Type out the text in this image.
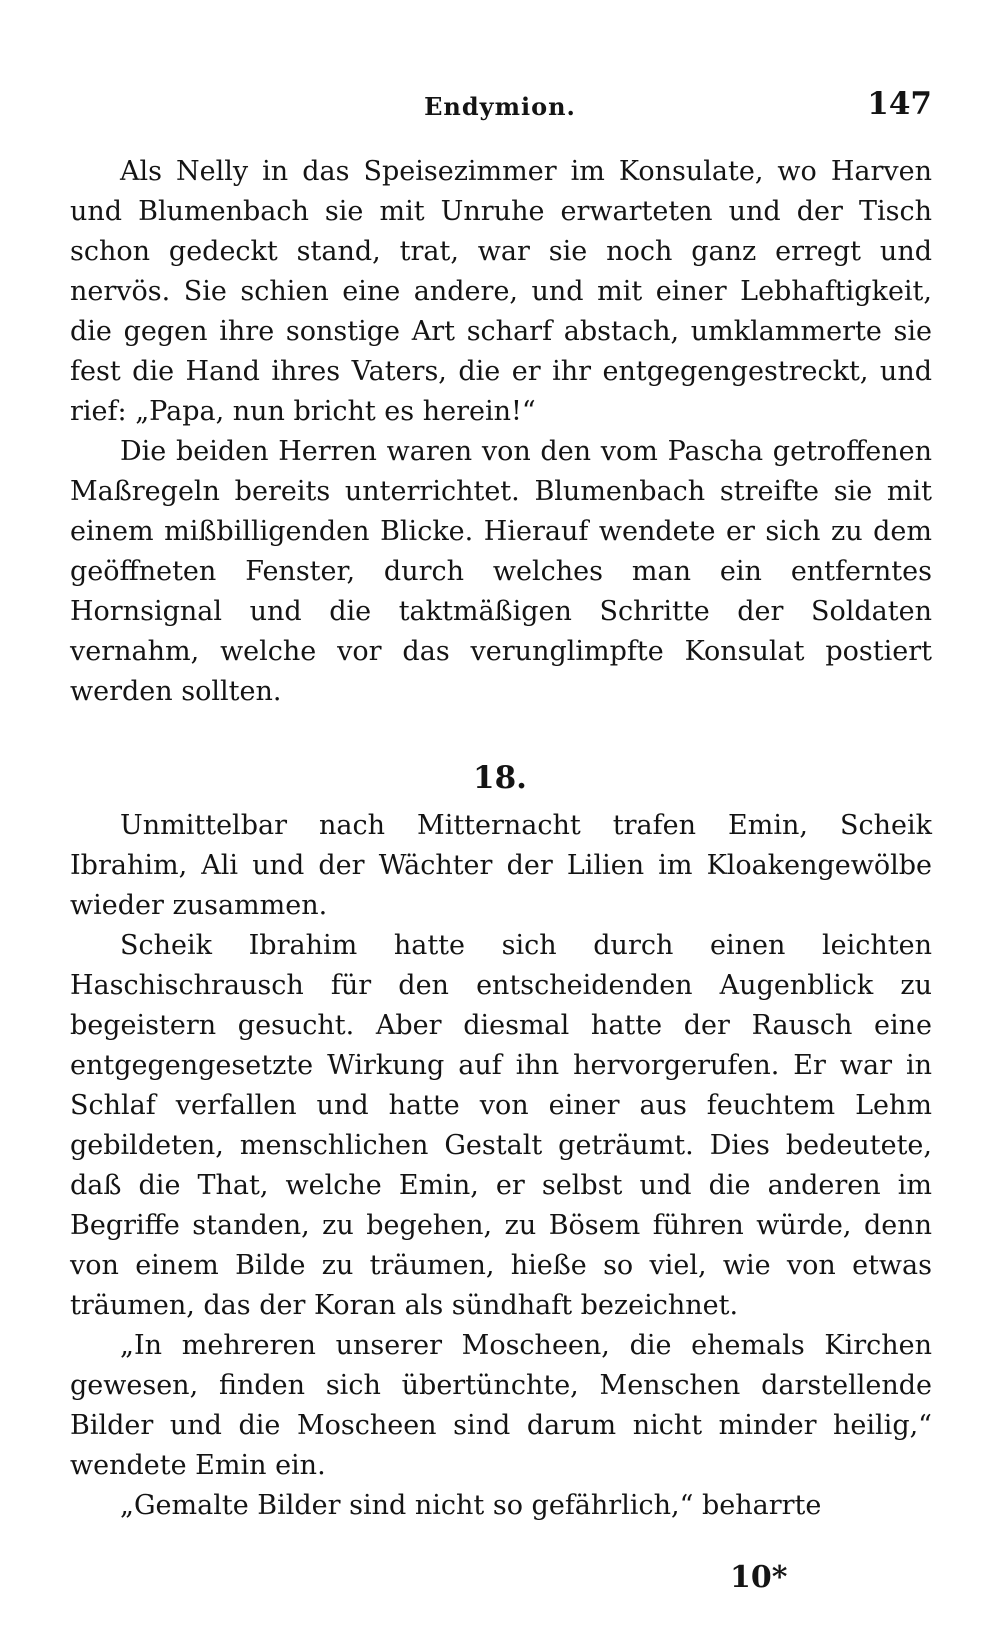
Endymion.	147

Als Nelly in das Speisezimmer im Konsulate, wo Harven und Blumenbach sie mit Unruhe erwarteten und der Tisch schon gedeckt stand, trat, war sie noch ganz erregt und nervös. Sie schien eine andere, und mit einer Lebhaftigkeit, die gegen ihre sonstige Art scharf abstach, umklammerte sie fest die Hand ihres Vaters, die er ihr entgegengestreckt, und rief: „Papa, nun bricht es herein!“

Die beiden Herren waren von den vom Pascha getroffenen Maßregeln bereits unterrichtet. Blumenbach streifte sie mit einem mißbilligenden Blicke. Hierauf wendete er sich zu dem geöffneten Fenster, durch welches man ein entferntes Hornsignal und die taktmäßigen Schritte der Soldaten vernahm, welche vor das verunglimpfte Konsulat postiert werden sollten.

18.

Unmittelbar nach Mitternacht trafen Emin, Scheik Ibrahim, Ali und der Wächter der Lilien im Kloakengewölbe wieder zusammen.

Scheik Ibrahim hatte sich durch einen leichten Haschischrausch für den entscheidenden Augenblick zu begeistern gesucht. Aber diesmal hatte der Rausch eine entgegengesetzte Wirkung auf ihn hervorgerufen. Er war in Schlaf verfallen und hatte von einer aus feuchtem Lehm gebildeten, menschlichen Gestalt geträumt. Dies bedeutete, daß die That, welche Emin, er selbst und die anderen im Begriffe standen, zu begehen, zu Bösem führen würde, denn von einem Bilde zu träumen, hieße so viel, wie von etwas träumen, das der Koran als sündhaft bezeichnet.

„In mehreren unserer Moscheen, die ehemals Kirchen gewesen, finden sich übertünchte, Menschen darstellende Bilder und die Moscheen sind darum nicht minder heilig,“ wendete Emin ein.

„Gemalte Bilder sind nicht so gefährlich,“ beharrte

10*
